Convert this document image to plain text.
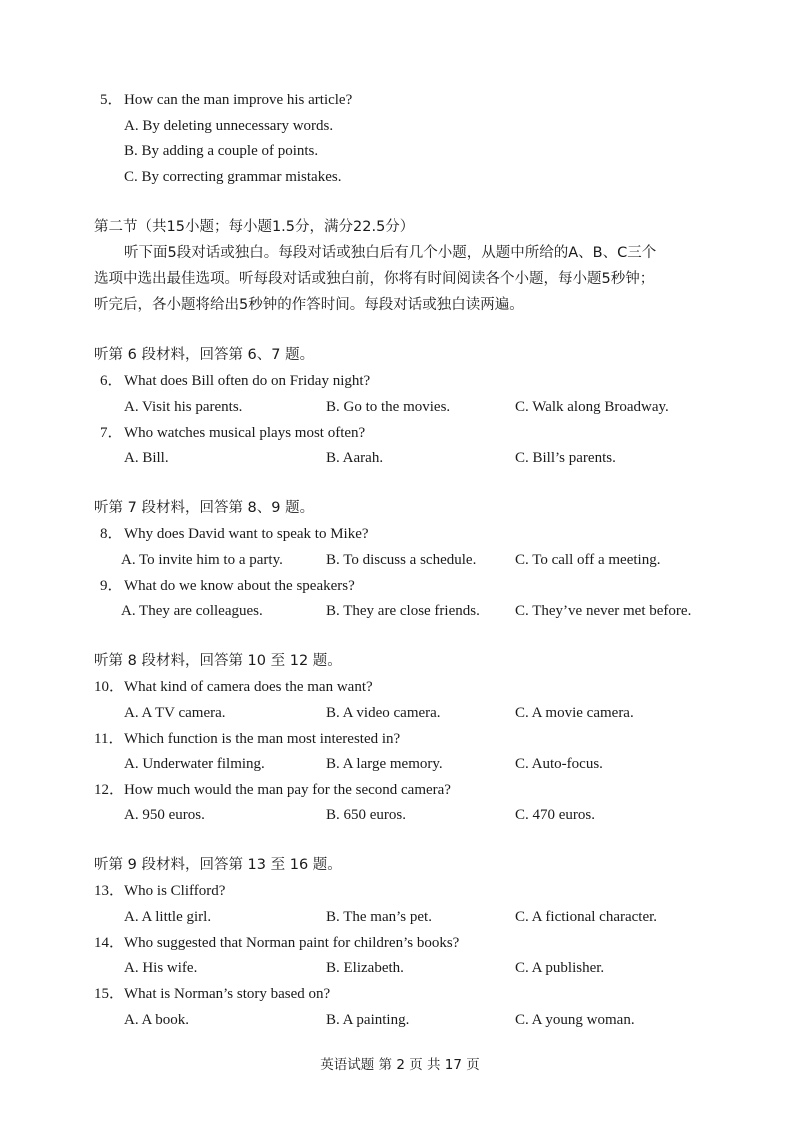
5． How can the man improve his article?
A. By deleting unnecessary words.
B. By adding a couple of points.
C. By correcting grammar mistakes.
第二节（共15小题；每小题1.5分，满分22.5分）
听下面5段对话或独白。每段对话或独白后有几个小题，从题中所给的A、B、C三个
选项中选出最佳选项。听每段对话或独白前，你将有时间阅读各个小题，每小题5秒钟；
听完后，各小题将给出5秒钟的作答时间。每段对话或独白读两遍。
听第 6 段材料，回答第 6、7 题。
6． What does Bill often do on Friday night?
A. Visit his parents.	B. Go to the movies.	C. Walk along Broadway.
7． Who watches musical plays most often?
A. Bill.	B. Aarah.	C. Bill’s parents.
听第 7 段材料，回答第 8、9 题。
8． Why does David want to speak to Mike?
A. To invite him to a party.	B. To discuss a schedule.	C. To call off a meeting.
9． What do we know about the speakers?
A. They are colleagues.	B. They are close friends. C. They’ve never met before.
听第 8 段材料，回答第 10 至 12 题。
10． What kind of camera does the man want?
A. A TV camera.	B. A video camera.	C. A movie camera.
11． Which function is the man most interested in?
A. Underwater filming.	B. A large memory.	C. Auto-focus.
12． How much would the man pay for the second camera?
A. 950 euros.	B. 650 euros.	C. 470 euros.
听第 9 段材料，回答第 13 至 16 题。
13． Who is Clifford?
A. A little girl.	B. The man’s pet.	C. A fictional character.
14． Who suggested that Norman paint for children’s books?
A. His wife.	B. Elizabeth.	C. A publisher.
15． What is Norman’s story based on?
A. A book.	B. A painting.	C. A young woman.
英语试题 第 2 页 共 17 页
